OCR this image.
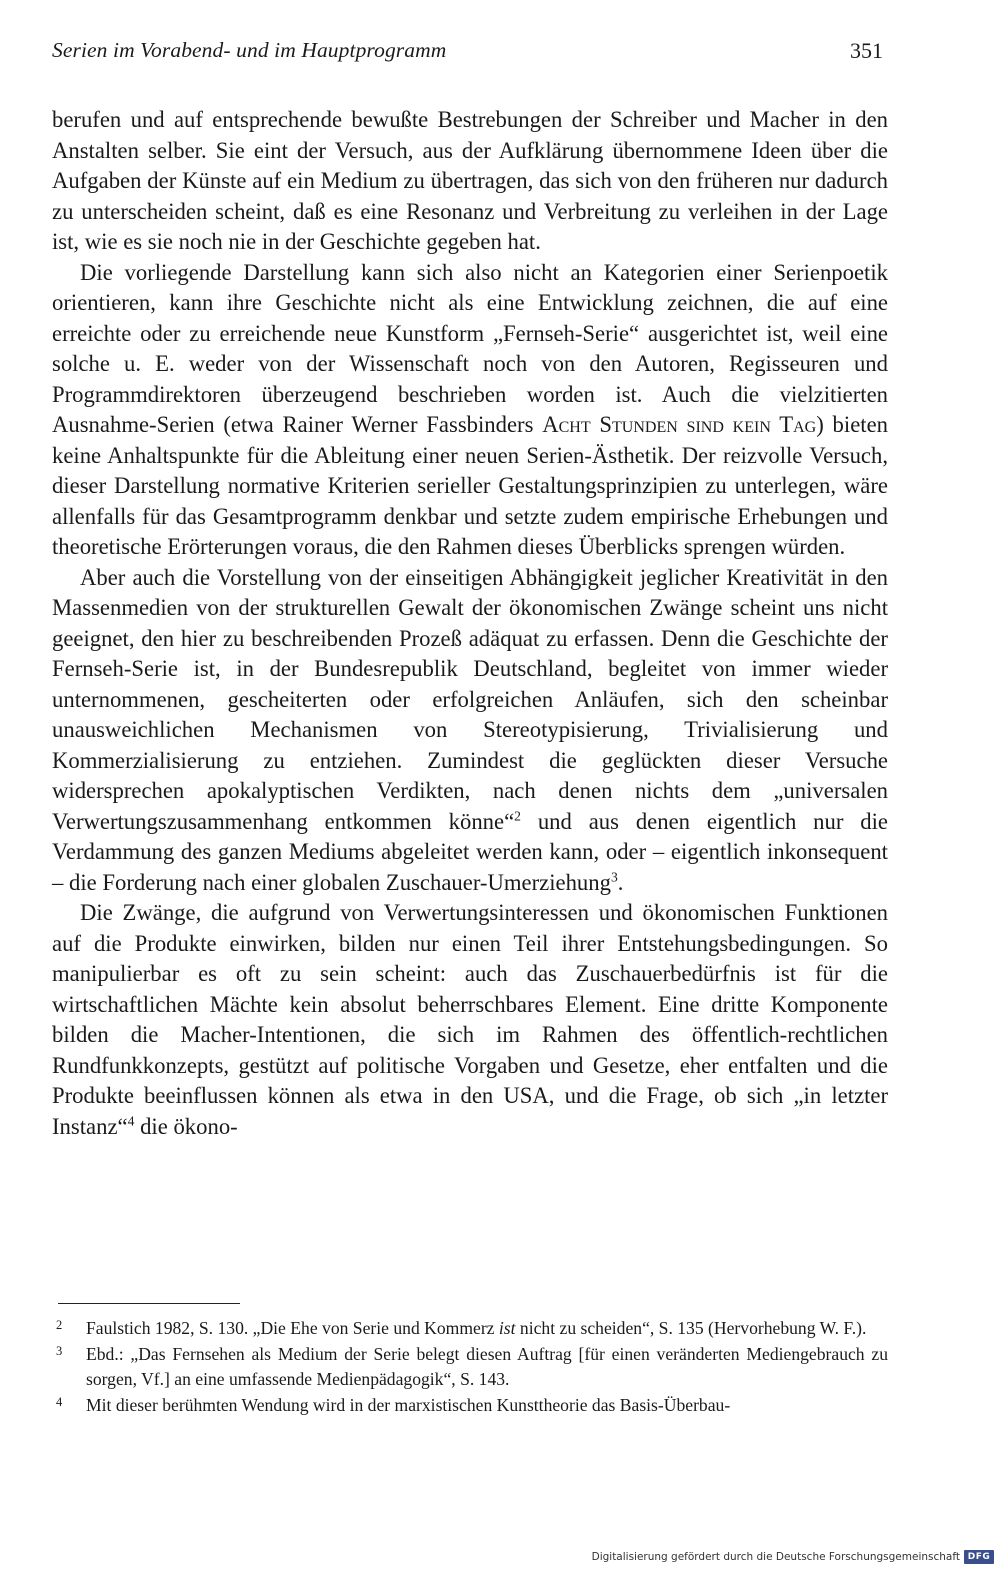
Serien im Vorabend- und im Hauptprogramm	351

berufen und auf entsprechende bewußte Bestrebungen der Schreiber und Macher in den Anstalten selber. Sie eint der Versuch, aus der Aufklärung übernommene Ideen über die Aufgaben der Künste auf ein Medium zu übertragen, das sich von den früheren nur dadurch zu unterscheiden scheint, daß es eine Resonanz und Verbreitung zu verleihen in der Lage ist, wie es sie noch nie in der Geschichte gegeben hat.

Die vorliegende Darstellung kann sich also nicht an Kategorien einer Serienpoetik orientieren, kann ihre Geschichte nicht als eine Entwicklung zeichnen, die auf eine erreichte oder zu erreichende neue Kunstform „Fernseh-Serie“ ausgerichtet ist, weil eine solche u. E. weder von der Wissenschaft noch von den Autoren, Regisseuren und Programmdirektoren überzeugend beschrieben worden ist. Auch die vielzitierten Ausnahme-Serien (etwa Rainer Werner Fassbinders Acht Stunden sind kein Tag) bieten keine Anhaltspunkte für die Ableitung einer neuen Serien-Ästhetik. Der reizvolle Versuch, dieser Darstellung normative Kriterien serieller Gestaltungsprinzipien zu unterlegen, wäre allenfalls für das Gesamtprogramm denkbar und setzte zudem empirische Erhebungen und theoretische Erörterungen voraus, die den Rahmen dieses Überblicks sprengen würden.

Aber auch die Vorstellung von der einseitigen Abhängigkeit jeglicher Kreativität in den Massenmedien von der strukturellen Gewalt der ökonomischen Zwänge scheint uns nicht geeignet, den hier zu beschreibenden Prozeß adäquat zu erfassen. Denn die Geschichte der Fernseh-Serie ist, in der Bundesrepublik Deutschland, begleitet von immer wieder unternommenen, gescheiterten oder erfolgreichen Anläufen, sich den scheinbar unausweichlichen Mechanismen von Stereotypisierung, Trivialisierung und Kommerzialisierung zu entziehen. Zumindest die geglückten dieser Versuche widersprechen apokalyptischen Verdikten, nach denen nichts dem „universalen Verwertungszusammenhang entkommen könne“$^2$ und aus denen eigentlich nur die Verdammung des ganzen Mediums abgeleitet werden kann, oder – eigentlich inkonsequent – die Forderung nach einer globalen Zuschauer-Umerziehung$^3$.

Die Zwänge, die aufgrund von Verwertungsinteressen und ökonomischen Funktionen auf die Produkte einwirken, bilden nur einen Teil ihrer Entstehungsbedingungen. So manipulierbar es oft zu sein scheint: auch das Zuschauerbedürfnis ist für die wirtschaftlichen Mächte kein absolut beherrschbares Element. Eine dritte Komponente bilden die Macher-Intentionen, die sich im Rahmen des öffentlich-rechtlichen Rundfunkkonzepts, gestützt auf politische Vorgaben und Gesetze, eher entfalten und die Produkte beeinflussen können als etwa in den USA, und die Frage, ob sich „in letzter Instanz“$^4$ die ökono-

2 Faulstich 1982, S. 130. „Die Ehe von Serie und Kommerz ist nicht zu scheiden“, S. 135 (Hervorhebung W. F.).
3 Ebd.: „Das Fernsehen als Medium der Serie belegt diesen Auftrag [für einen veränderten Mediengebrauch zu sorgen, Vf.] an eine umfassende Medienpädagogik“, S. 143.
4 Mit dieser berühmten Wendung wird in der marxistischen Kunsttheorie das Basis-Überbau-
Digitalisierung gefördert durch die Deutsche Forschungsgemeinschaft DFG
